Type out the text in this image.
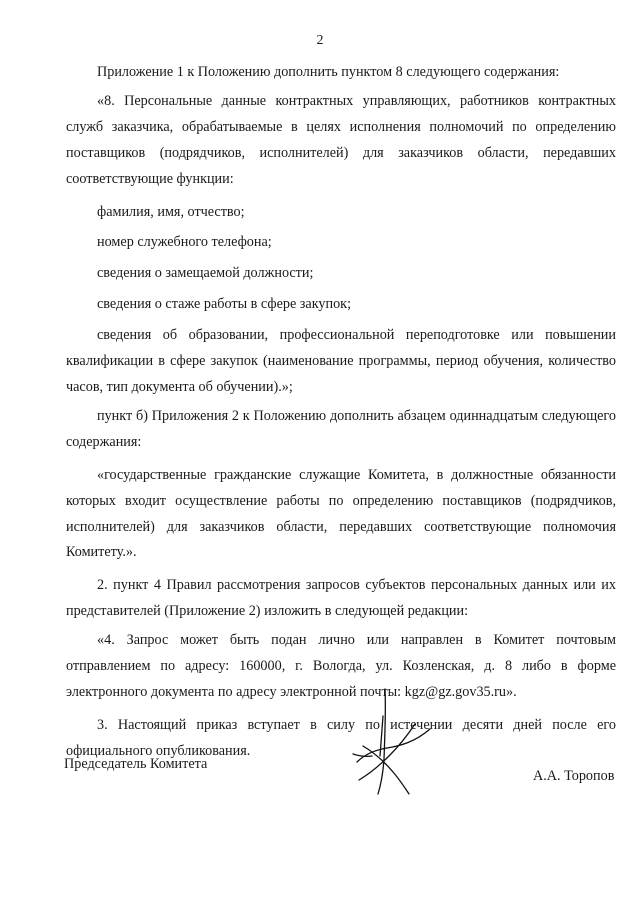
2

Приложение 1 к Положению дополнить пунктом 8 следующего содержания:

«8. Персональные данные контрактных управляющих, работников контрактных служб заказчика, обрабатываемые в целях исполнения полномочий по определению поставщиков (подрядчиков, исполнителей) для заказчиков области, передавших соответствующие функции:

фамилия, имя, отчество;

номер служебного телефона;

сведения о замещаемой должности;

сведения о стаже работы в сфере закупок;

сведения об образовании, профессиональной переподготовке или повышении квалификации в сфере закупок (наименование программы, период обучения, количество часов, тип документа об обучении).»;

пункт б) Приложения 2 к Положению дополнить абзацем одиннадцатым следующего содержания:

«государственные гражданские служащие Комитета, в должностные обязанности которых входит осуществление работы по определению поставщиков (подрядчиков, исполнителей) для заказчиков области, передавших соответствующие полномочия Комитету.».

2. пункт 4 Правил рассмотрения запросов субъектов персональных данных или их представителей (Приложение 2) изложить в следующей редакции:

«4. Запрос может быть подан лично или направлен в Комитет почтовым отправлением по адресу: 160000, г. Вологда, ул. Козленская, д. 8 либо в форме электронного документа по адресу электронной почты: kgz@gz.gov35.ru».

3. Настоящий приказ вступает в силу по истечении десяти дней после его официального опубликования.

Председатель Комитета
А.А. Торопов
